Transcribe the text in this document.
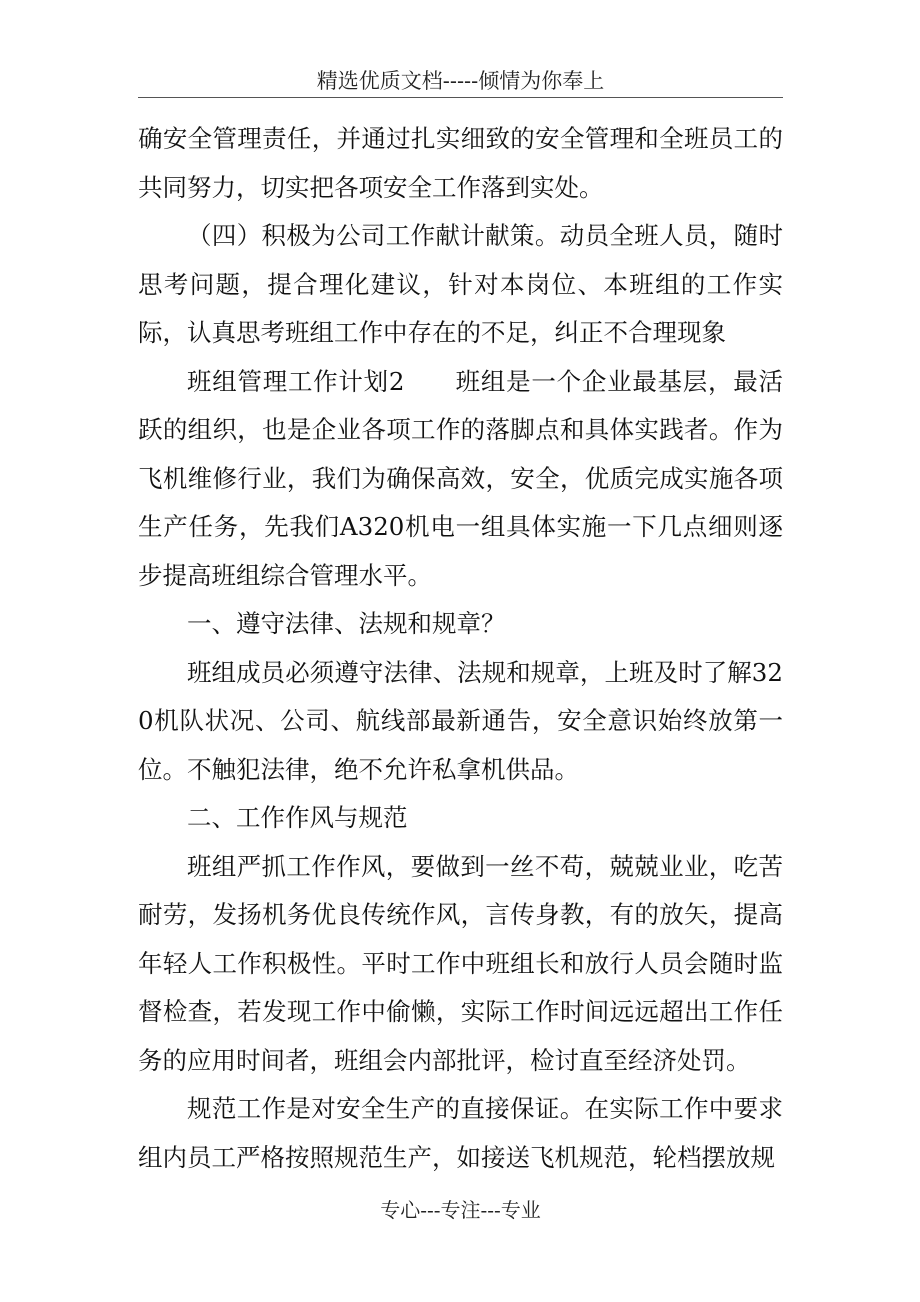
精选优质文档-----倾情为你奉上

确安全管理责任，并通过扎实细致的安全管理和全班员工的共同努力，切实把各项安全工作落到实处。

（四）积极为公司工作献计献策。动员全班人员，随时思考问题，提合理化建议，针对本岗位、本班组的工作实际，认真思考班组工作中存在的不足，纠正不合理现象

班组管理工作计划2　　班组是一个企业最基层，最活跃的组织，也是企业各项工作的落脚点和具体实践者。作为飞机维修行业，我们为确保高效，安全，优质完成实施各项生产任务，先我们A320机电一组具体实施一下几点细则逐步提高班组综合管理水平。

一、遵守法律、法规和规章？

班组成员必须遵守法律、法规和规章，上班及时了解320机队状况、公司、航线部最新通告，安全意识始终放第一位。不触犯法律，绝不允许私拿机供品。

二、工作作风与规范

班组严抓工作作风，要做到一丝不苟，兢兢业业，吃苦耐劳，发扬机务优良传统作风，言传身教，有的放矢，提高年轻人工作积极性。平时工作中班组长和放行人员会随时监督检查，若发现工作中偷懒，实际工作时间远远超出工作任务的应用时间者，班组会内部批评，检讨直至经济处罚。

规范工作是对安全生产的直接保证。在实际工作中要求组内员工严格按照规范生产，如接送飞机规范，轮档摆放规

专心---专注---专业
